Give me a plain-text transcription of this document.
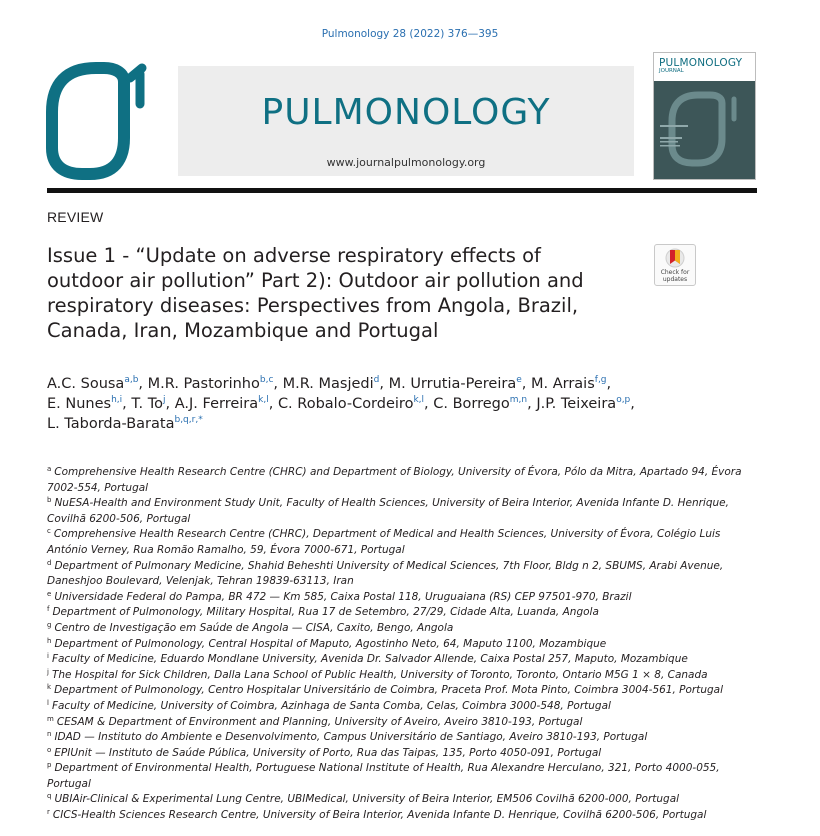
Pulmonology 28 (2022) 376—395
PULMONOLOGY
www.journalpulmonology.org
PULMONOLOGY
JOURNAL
REVIEW
Issue 1 - “Update on adverse respiratory effects of
outdoor air pollution” Part 2): Outdoor air pollution and
respiratory diseases: Perspectives from Angola, Brazil,
Canada, Iran, Mozambique and Portugal
Check for
updates
A.C. Sousa$^{a,b}$, M.R. Pastorinho$^{b,c}$, M.R. Masjedi$^d$, M. Urrutia-Pereira$^e$, M. Arrais$^{f,g}$,
E. Nunes$^{h,i}$, T. To$^j$, A.J. Ferreira$^{k,l}$, C. Robalo-Cordeiro$^{k,l}$, C. Borrego$^{m,n}$, J.P. Teixeira$^{o,p}$,
L. Taborda-Barata$^{b,q,r,*}$
$^a$ Comprehensive Health Research Centre (CHRC) and Department of Biology, University of Évora, Pólo da Mitra, Apartado 94, Évora
7002-554, Portugal
$^b$ NuESA-Health and Environment Study Unit, Faculty of Health Sciences, University of Beira Interior, Avenida Infante D. Henrique,
Covilhã 6200-506, Portugal
$^c$ Comprehensive Health Research Centre (CHRC), Department of Medical and Health Sciences, University of Évora, Colégio Luis
António Verney, Rua Romão Ramalho, 59, Évora 7000-671, Portugal
$^d$ Department of Pulmonary Medicine, Shahid Beheshti University of Medical Sciences, 7th Floor, Bldg n 2, SBUMS, Arabi Avenue,
Daneshjoo Boulevard, Velenjak, Tehran 19839-63113, Iran
$^e$ Universidade Federal do Pampa, BR 472 — Km 585, Caixa Postal 118, Uruguaiana (RS) CEP 97501-970, Brazil
$^f$ Department of Pulmonology, Military Hospital, Rua 17 de Setembro, 27/29, Cidade Alta, Luanda, Angola
$^g$ Centro de Investigação em Saúde de Angola — CISA, Caxito, Bengo, Angola
$^h$ Department of Pulmonology, Central Hospital of Maputo, Agostinho Neto, 64, Maputo 1100, Mozambique
$^i$ Faculty of Medicine, Eduardo Mondlane University, Avenida Dr. Salvador Allende, Caixa Postal 257, Maputo, Mozambique
$^j$ The Hospital for Sick Children, Dalla Lana School of Public Health, University of Toronto, Toronto, Ontario M5G 1 × 8, Canada
$^k$ Department of Pulmonology, Centro Hospitalar Universitário de Coimbra, Praceta Prof. Mota Pinto, Coimbra 3004-561, Portugal
$^l$ Faculty of Medicine, University of Coimbra, Azinhaga de Santa Comba, Celas, Coimbra 3000-548, Portugal
$^m$ CESAM & Department of Environment and Planning, University of Aveiro, Aveiro 3810-193, Portugal
$^n$ IDAD — Instituto do Ambiente e Desenvolvimento, Campus Universitário de Santiago, Aveiro 3810-193, Portugal
$^o$ EPIUnit — Instituto de Saúde Pública, University of Porto, Rua das Taipas, 135, Porto 4050-091, Portugal
$^p$ Department of Environmental Health, Portuguese National Institute of Health, Rua Alexandre Herculano, 321, Porto 4000-055,
Portugal
$^q$ UBIAir-Clinical & Experimental Lung Centre, UBIMedical, University of Beira Interior, EM506 Covilhã 6200-000, Portugal
$^r$ CICS-Health Sciences Research Centre, University of Beira Interior, Avenida Infante D. Henrique, Covilhã 6200-506, Portugal
